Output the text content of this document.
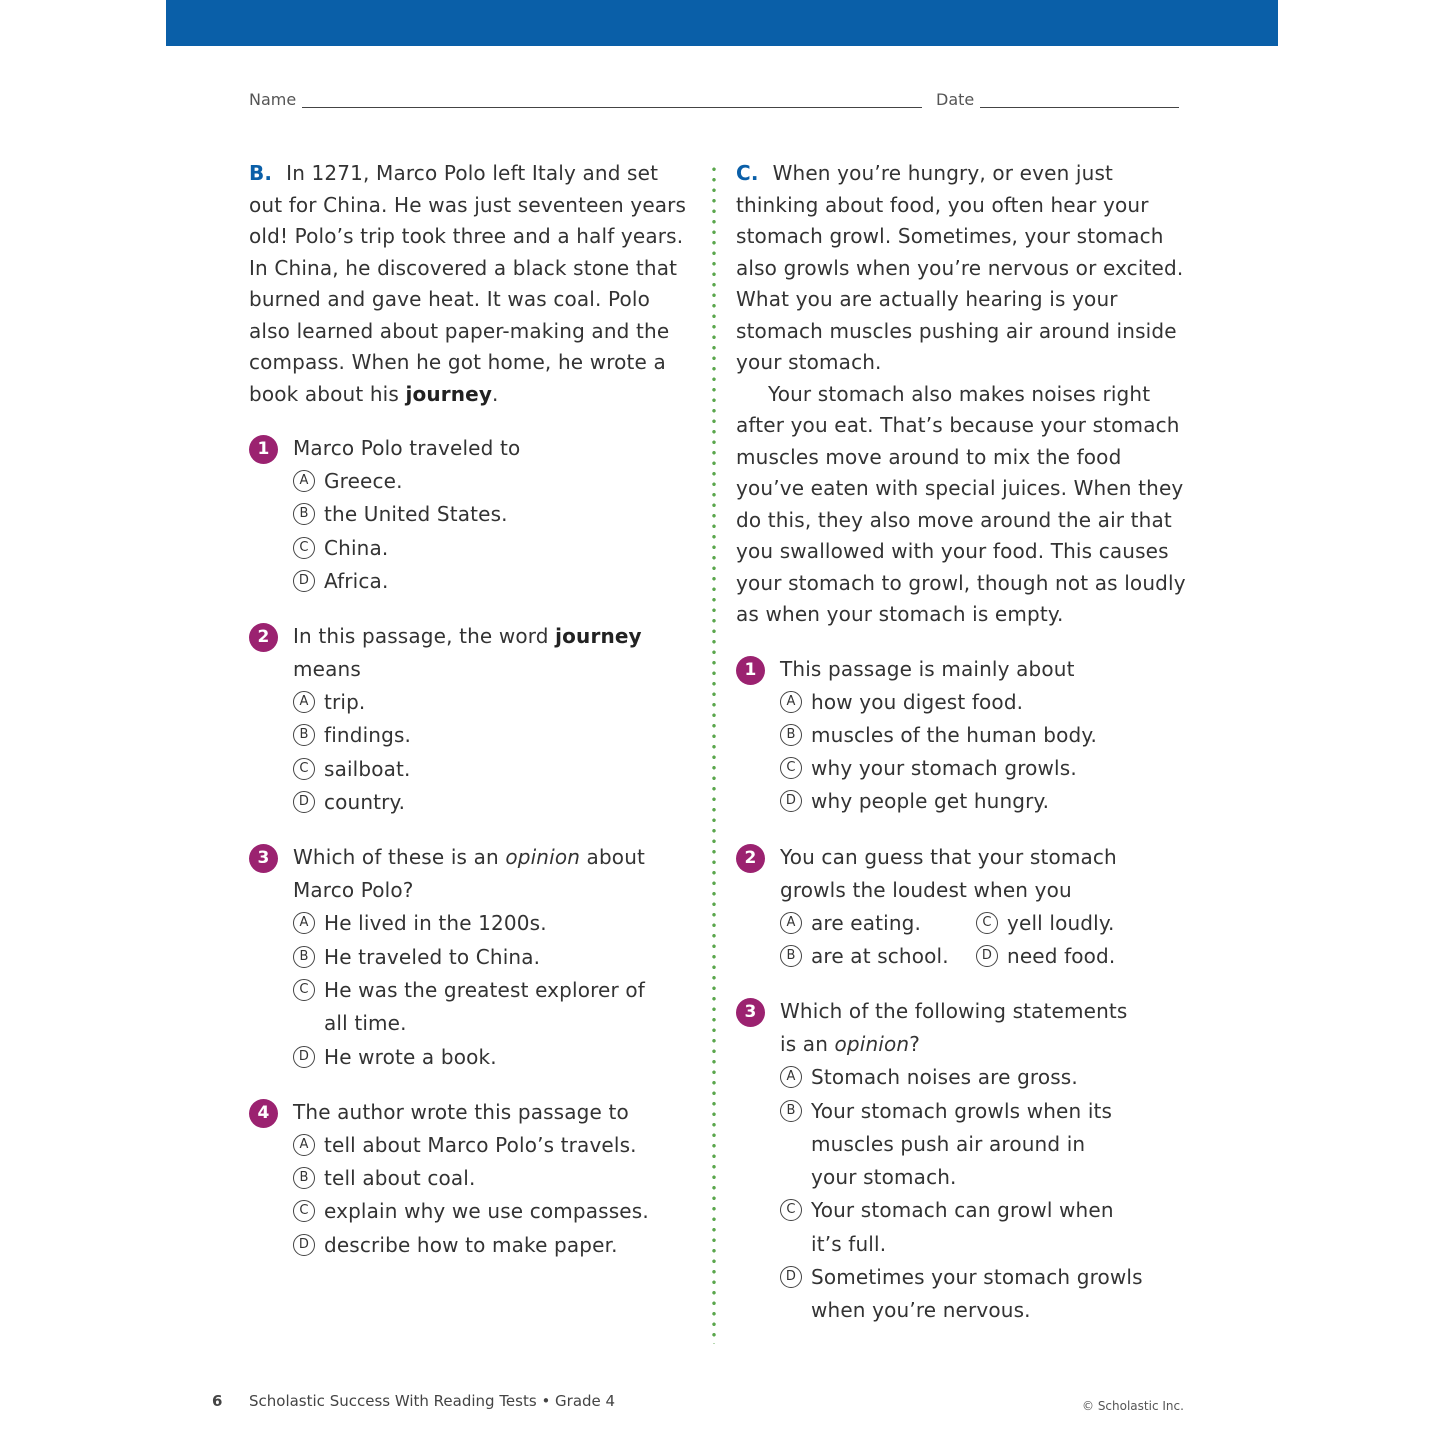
Name	Date

B. In 1271, Marco Polo left Italy and set out for China. He was just seventeen years old! Polo’s trip took three and a half years. In China, he discovered a black stone that burned and gave heat. It was coal. Polo also learned about paper-making and the compass. When he got home, he wrote a book about his journey.

1	Marco Polo traveled to
A Greece.
B the United States.
C China.
D Africa.
2	In this passage, the word journey means
A trip.
B findings.
C sailboat.
D country.
3	Which of these is an opinion about Marco Polo?
A He lived in the 1200s.
B He traveled to China.
C He was the greatest explorer of all time.
D He wrote a book.
4	The author wrote this passage to
A tell about Marco Polo’s travels.
B tell about coal.
C explain why we use compasses.
D describe how to make paper.

C. When you’re hungry, or even just thinking about food, you often hear your stomach growl. Sometimes, your stomach also growls when you’re nervous or excited. What you are actually hearing is your stomach muscles pushing air around inside your stomach.

Your stomach also makes noises right after you eat. That’s because your stomach muscles move around to mix the food you’ve eaten with special juices. When they do this, they also move around the air that you swallowed with your food. This causes your stomach to growl, though not as loudly as when your stomach is empty.

1	This passage is mainly about
A how you digest food.
B muscles of the human body.
C why your stomach growls.
D why people get hungry.
2	You can guess that your stomach growls the loudest when you
A are eating.	C yell loudly.
B are at school.	D need food.
3	Which of the following statements is an opinion?
A Stomach noises are gross.
B Your stomach growls when its muscles push air around in your stomach.
C Your stomach can growl when it’s full.
D Sometimes your stomach growls when you’re nervous.
6 Scholastic Success With Reading Tests • Grade 4	© Scholastic Inc.
